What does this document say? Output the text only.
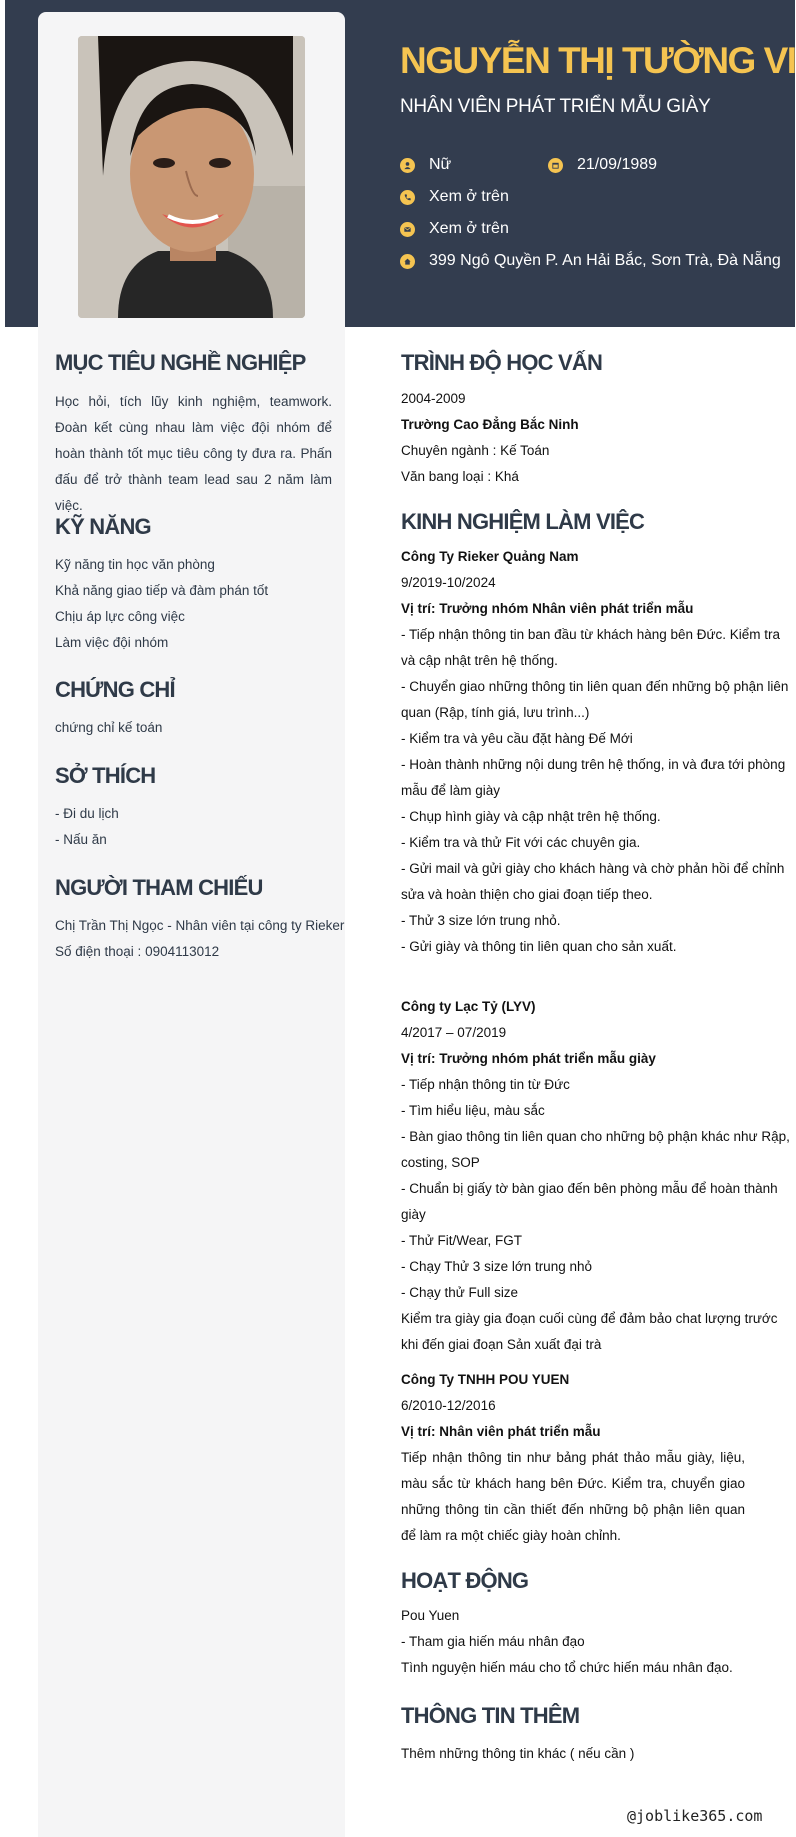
NGUYỄN THỊ TƯỜNG VI
NHÂN VIÊN PHÁT TRIỂN MẪU GIÀY
Nữ	21/09/1989
Xem ở trên
Xem ở trên
399 Ngô Quyền P. An Hải Bắc, Sơn Trà, Đà Nẵng
MỤC TIÊU NGHỀ NGHIỆP
Học hỏi, tích lũy kinh nghiệm, teamwork. Đoàn kết cùng nhau làm việc đội nhóm để hoàn thành tốt mục tiêu công ty đưa ra. Phấn đấu để trở thành team lead sau 2 năm làm việc.
KỸ NĂNG
Kỹ năng tin học văn phòng
Khả năng giao tiếp và đàm phán tốt
Chịu áp lực công việc
Làm việc đội nhóm
CHỨNG CHỈ
chứng chỉ kế toán
SỞ THÍCH
- Đi du lịch
- Nấu ăn
NGƯỜI THAM CHIẾU
Chị Trần Thị Ngọc - Nhân viên tại công ty Rieker
Số điện thoại : 0904113012
TRÌNH ĐỘ HỌC VẤN
2004-2009
Trường Cao Đẳng Bắc Ninh
Chuyên ngành : Kế Toán
Văn bang loại : Khá
KINH NGHIỆM LÀM VIỆC
Công Ty Rieker Quảng Nam
9/2019-10/2024
Vị trí: Trưởng nhóm Nhân viên phát triển mẫu
- Tiếp nhận thông tin ban đầu từ khách hàng bên Đức. Kiểm tra
và cập nhật trên hệ thống.
- Chuyển giao những thông tin liên quan đến những bộ phận liên
quan (Rập, tính giá, lưu trình...)
- Kiểm tra và yêu cầu đặt hàng Đế Mới
- Hoàn thành những nội dung trên hệ thống, in và đưa tới phòng
mẫu để làm giày
- Chụp hình giày và cập nhật trên hệ thống.
- Kiểm tra và thử Fit với các chuyên gia.
- Gửi mail và gửi giày cho khách hàng và chờ phản hồi để chỉnh
sửa và hoàn thiện cho giai đoạn tiếp theo.
- Thử 3 size lớn trung nhỏ.
- Gửi giày và thông tin liên quan cho sản xuất.
Công ty Lạc Tỷ (LYV)
4/2017 – 07/2019
Vị trí: Trưởng nhóm phát triển mẫu giày
- Tiếp nhận thông tin từ Đức
- Tìm hiểu liệu, màu sắc
- Bàn giao thông tin liên quan cho những bộ phận khác như Rập,
costing, SOP
- Chuẩn bị giấy tờ bàn giao đến bên phòng mẫu để hoàn thành
giày
- Thử Fit/Wear, FGT
- Chạy Thử 3 size lớn trung nhỏ
- Chạy thử Full size
Kiểm tra giày gia đoạn cuối cùng để đảm bảo chat lượng trước
khi đến giai đoạn Sản xuất đại trà
Công Ty TNHH POU YUEN
6/2010-12/2016
Vị trí: Nhân viên phát triển mẫu
Tiếp nhận thông tin như bảng phát thảo mẫu giày, liệu, màu sắc từ khách hang bên Đức. Kiểm tra, chuyển giao những thông tin cần thiết đến những bộ phận liên quan để làm ra một chiếc giày hoàn chỉnh.
HOẠT ĐỘNG
Pou Yuen
- Tham gia hiến máu nhân đạo
Tình nguyện hiến máu cho tổ chức hiến máu nhân đạo.
THÔNG TIN THÊM
Thêm những thông tin khác ( nếu cần )
@joblike365.com
